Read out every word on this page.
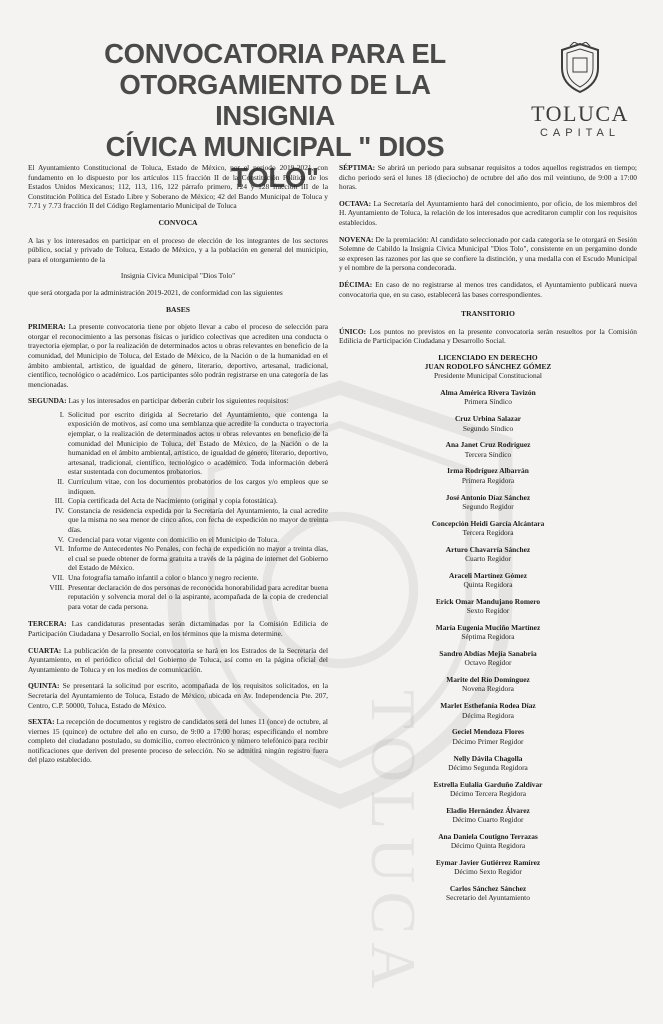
TOLUCA
CONVOCATORIA PARA EL
OTORGAMIENTO DE LA INSIGNIA
CÍVICA MUNICIPAL " DIOS TOLO"
TOLUCA
CAPITAL

El Ayuntamiento Constitucional de Toluca, Estado de México, por el periodo 2019-2021, con fundamento en lo dispuesto por los artículos 115 fracción II de la Constitución Política de los Estados Unidos Mexicanos; 112, 113, 116, 122 párrafo primero, 124 y 128 fracción III de la Constitución Política del Estado Libre y Soberano de México; 42 del Bando Municipal de Toluca y 7.71 y 7.73 fracción II del Código Reglamentario Municipal de Toluca

CONVOCA

A las y los interesados en participar en el proceso de elección de los integrantes de los sectores público, social y privado de Toluca, Estado de México, y a la población en general del municipio, para el otorgamiento de la

Insignia Cívica Municipal "Dios Tolo"

que será otorgada por la administración 2019-2021, de conformidad con las siguientes

BASES

PRIMERA: La presente convocatoria tiene por objeto llevar a cabo el proceso de selección para otorgar el reconocimiento a las personas físicas o jurídico colectivas que acrediten una conducta o trayectoria ejemplar, o por la realización de determinados actos u obras relevantes en beneficio de la comunidad, del Municipio de Toluca, del Estado de México, de la Nación o de la humanidad en el ámbito ambiental, artístico, de igualdad de género, literario, deportivo, artesanal, tradicional, científico, tecnológico o académico. Los participantes sólo podrán registrarse en una categoría de las mencionadas.

SEGUNDA: Las y los interesados en participar deberán cubrir los siguientes requisitos:

I. Solicitud por escrito dirigida al Secretario del Ayuntamiento, que contenga la exposición de motivos, así como una semblanza que acredite la conducta o trayectoria ejemplar, o la realización de determinados actos u obras relevantes en beneficio de la comunidad del Municipio de Toluca, del Estado de México, de la Nación o de la humanidad en el ámbito ambiental, artístico, de igualdad de género, literario, deportivo, artesanal, tradicional, científico, tecnológico o académico. Toda información deberá estar sustentada con documentos probatorios.
II. Currículum vitae, con los documentos probatorios de los cargos y/o empleos que se indiquen.
III. Copia certificada del Acta de Nacimiento (original y copia fotostática).
IV. Constancia de residencia expedida por la Secretaría del Ayuntamiento, la cual acredite que la misma no sea menor de cinco años, con fecha de expedición no mayor de treinta días.
V. Credencial para votar vigente con domicilio en el Municipio de Toluca.
VI. Informe de Antecedentes No Penales, con fecha de expedición no mayor a treinta días, el cual se puede obtener de forma gratuita a través de la página de internet del Gobierno del Estado de México.
VII. Una fotografía tamaño infantil a color o blanco y negro reciente.
VIII. Presentar declaración de dos personas de reconocida honorabilidad para acreditar buena reputación y solvencia moral del o la aspirante, acompañada de la copia de credencial para votar de cada persona.

TERCERA: Las candidaturas presentadas serán dictaminadas por la Comisión Edilicia de Participación Ciudadana y Desarrollo Social, en los términos que la misma determine.

CUARTA: La publicación de la presente convocatoria se hará en los Estrados de la Secretaría del Ayuntamiento, en el periódico oficial del Gobierno de Toluca, así como en la página oficial del Ayuntamiento de Toluca y en los medios de comunicación.

QUINTA: Se presentará la solicitud por escrito, acompañada de los requisitos solicitados, en la Secretaría del Ayuntamiento de Toluca, Estado de México, ubicada en Av. Independencia Pte. 207, Centro, C.P. 50000, Toluca, Estado de México.

SEXTA: La recepción de documentos y registro de candidatos será del lunes 11 (once) de octubre, al viernes 15 (quince) de octubre del año en curso, de 9:00 a 17:00 horas; especificando el nombre completo del ciudadano postulado, su domicilio, correo electrónico y número telefónico para recibir notificaciones que deriven del presente proceso de selección. No se admitirá ningún registro fuera del plazo establecido.

SÉPTIMA: Se abrirá un periodo para subsanar requisitos a todos aquellos registrados en tiempo; dicho periodo será el lunes 18 (dieciocho) de octubre del año dos mil veintiuno, de 9:00 a 17:00 horas.

OCTAVA: La Secretaría del Ayuntamiento hará del conocimiento, por oficio, de los miembros del H. Ayuntamiento de Toluca, la relación de los interesados que acreditaron cumplir con los requisitos establecidos.

NOVENA: De la premiación: Al candidato seleccionado por cada categoría se le otorgará en Sesión Solemne de Cabildo la Insignia Cívica Municipal "Dios Tolo", consistente en un pergamino donde se expresen las razones por las que se confiere la distinción, y una medalla con el Escudo Municipal y el nombre de la persona condecorada.

DÉCIMA: En caso de no registrarse al menos tres candidatos, el Ayuntamiento publicará nueva convocatoria que, en su caso, establecerá las bases correspondientes.

TRANSITORIO

ÚNICO: Los puntos no previstos en la presente convocatoria serán resueltos por la Comisión Edilicia de Participación Ciudadana y Desarrollo Social.

LICENCIADO EN DERECHO
JUAN RODOLFO SÁNCHEZ GÓMEZ
Presidente Municipal Constitucional
Alma América Rivera Tavizón
Primera Síndico
Cruz Urbina Salazar
Segundo Síndico
Ana Janet Cruz Rodríguez
Tercera Síndico
Irma Rodríguez Albarrán
Primera Regidora
José Antonio Díaz Sánchez
Segundo Regidor
Concepción Heidi García Alcántara
Tercera Regidora
Arturo Chavarría Sánchez
Cuarto Regidor
Araceli Martínez Gómez
Quinta Regidora
Erick Omar Mandujano Romero
Sexto Regidor
María Eugenia Muciño Martínez
Séptima Regidora
Sandro Abdías Mejía Sanabria
Octavo Regidor
Marite del Río Domínguez
Novena Regidora
Marlet Esthefanía Rodea Díaz
Décima Regidora
Geciel Mendoza Flores
Décimo Primer Regidor
Nelly Dávila Chagolla
Décimo Segunda Regidora
Estrella Eulalia Garduño Zaldívar
Décimo Tercera Regidora
Eladio Hernández Álvarez
Décimo Cuarto Regidor
Ana Daniela Coutigno Terrazas
Décimo Quinta Regidora
Eymar Javier Gutiérrez Ramírez
Décimo Sexto Regidor
Carlos Sánchez Sánchez
Secretario del Ayuntamiento
